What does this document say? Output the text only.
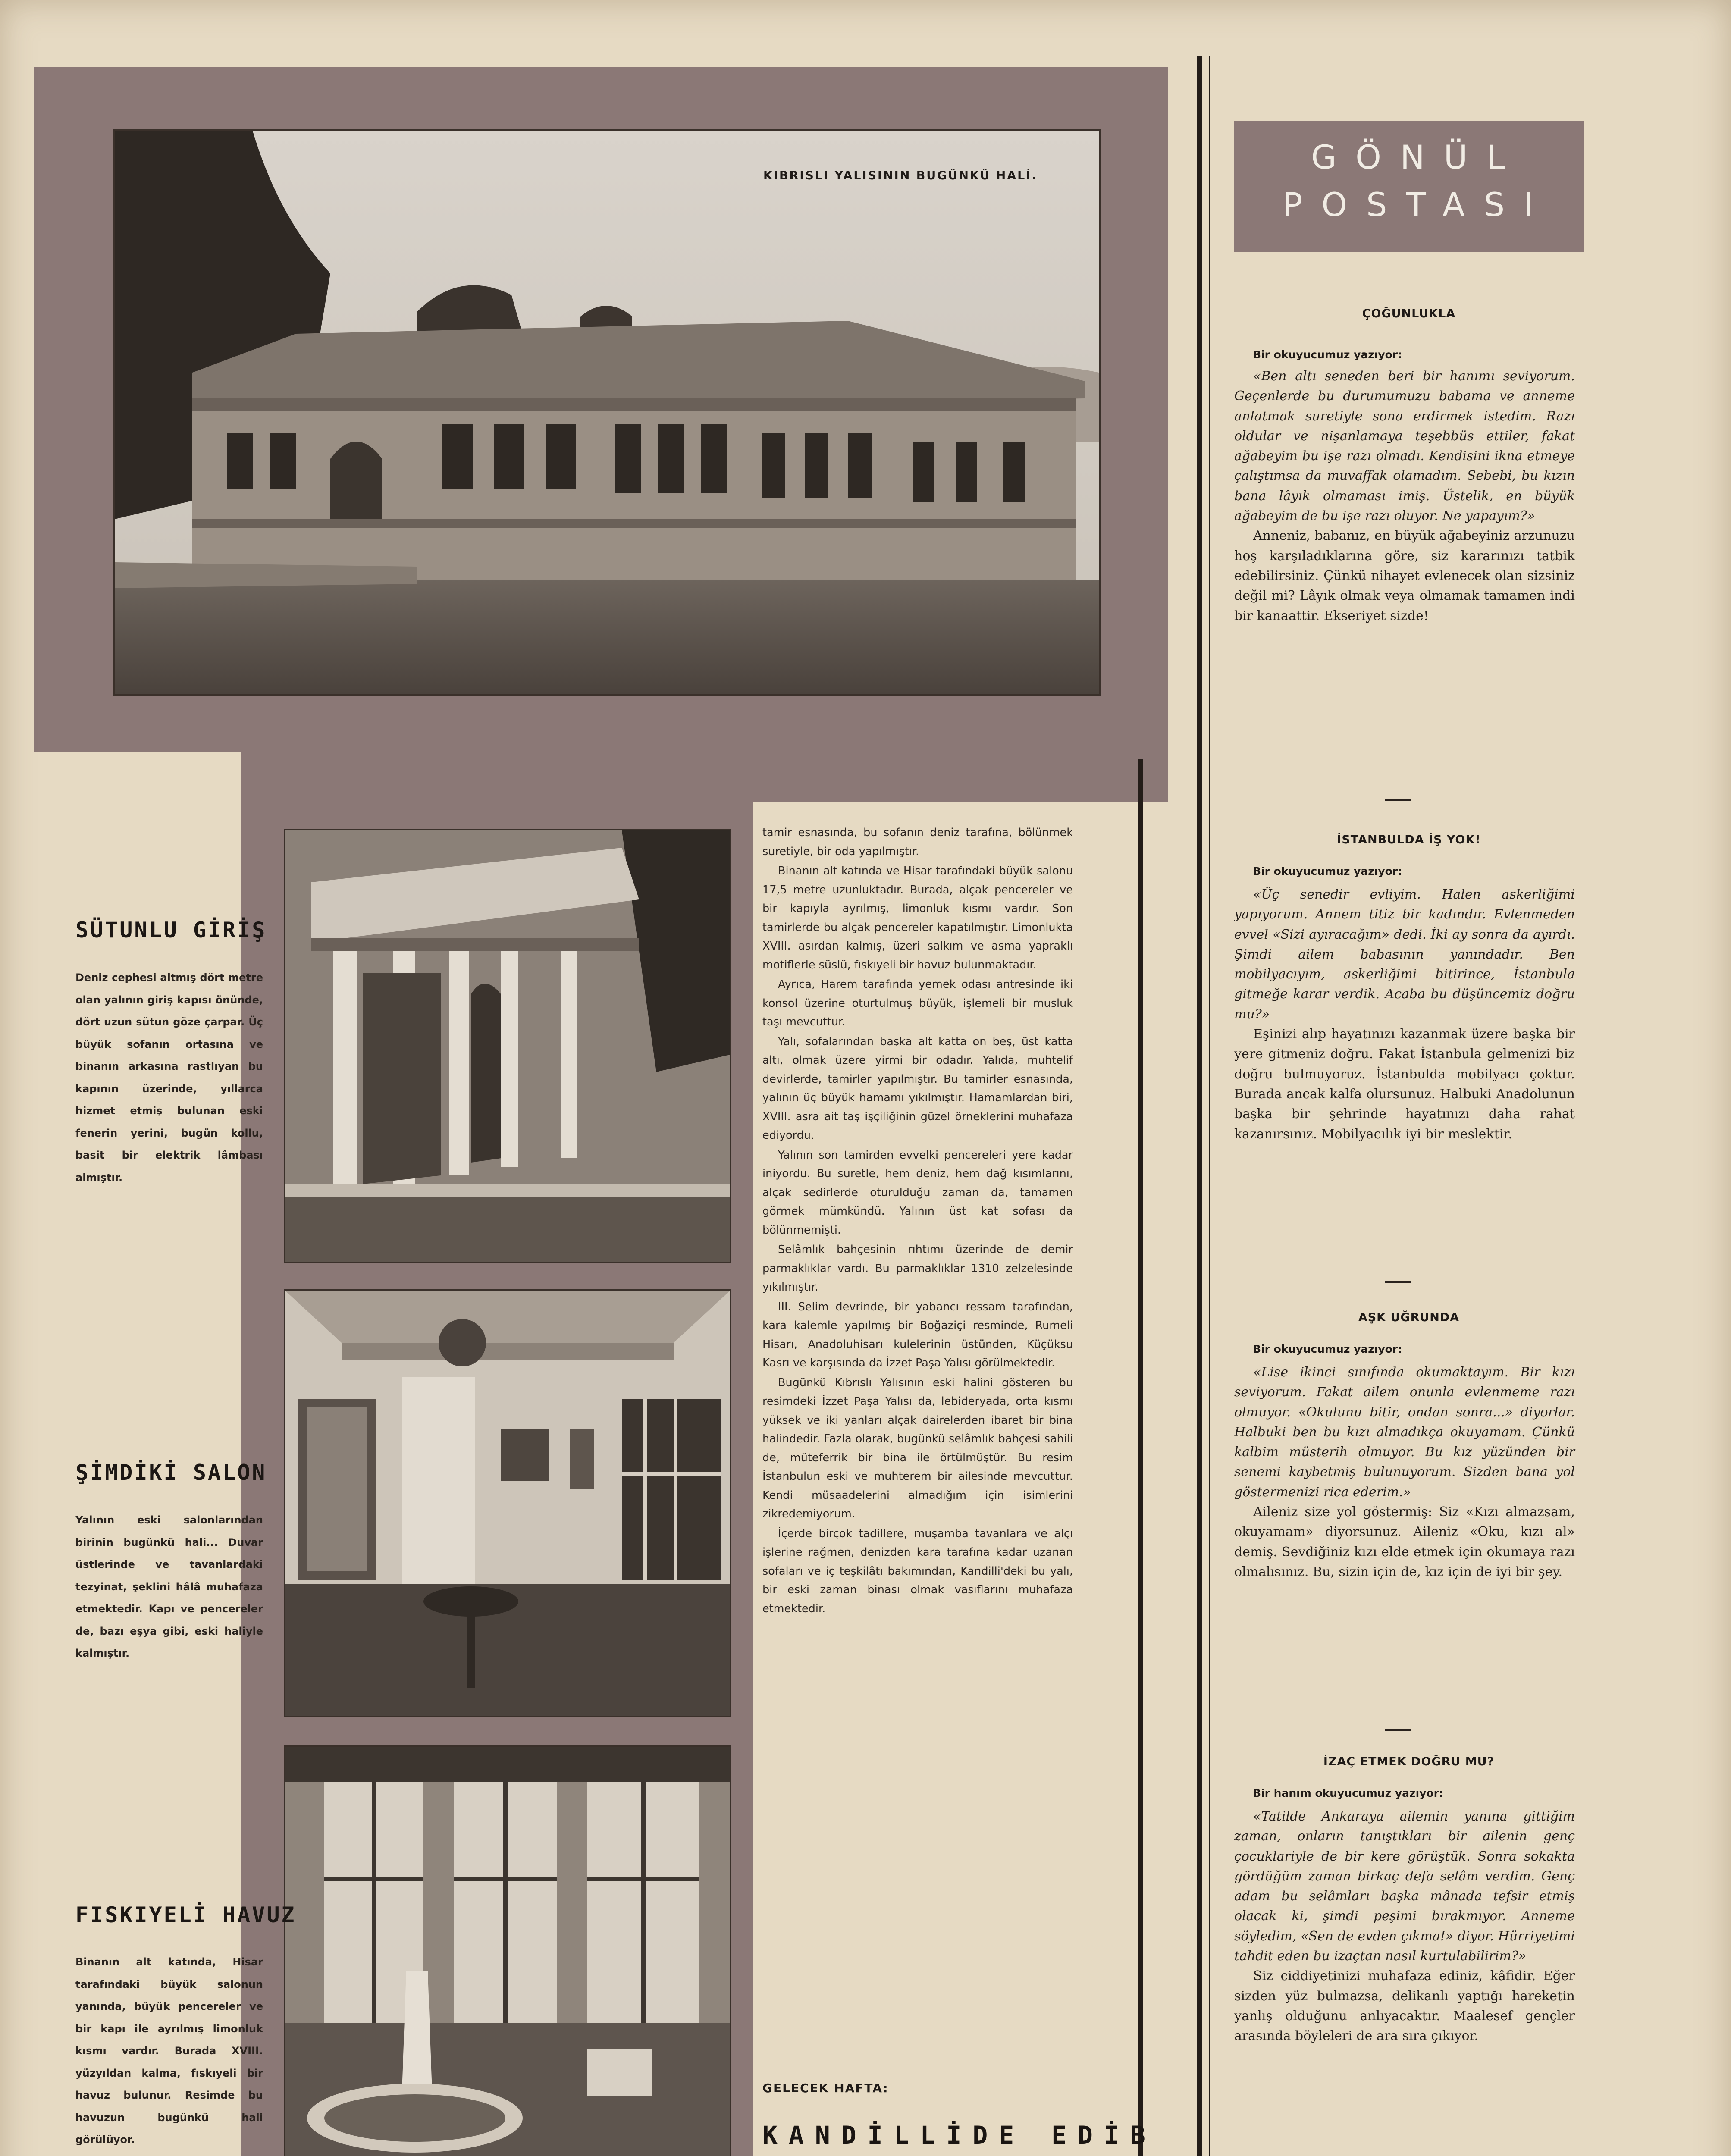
KIBRISLI YALISININ BUGÜNKÜ HALİ.
SÜTUNLU GİRİŞ
Deniz cephesi altmış dört metre olan yalının giriş kapısı önünde, dört uzun sütun göze çarpar. Üç büyük sofanın ortasına ve binanın arkasına rastlıyan bu kapının üzerinde, yıllarca hizmet etmiş bulunan eski fenerin yerini, bugün kollu, basit bir elektrik lâmbası almıştır.
ŞİMDİKİ SALON
Yalının eski salonlarından birinin bugünkü hali... Duvar üstlerinde ve tavanlardaki tezyinat, şeklini hâlâ muhafaza etmektedir. Kapı ve pencereler de, bazı eşya gibi, eski haliyle kalmıştır.
FISKIYELİ HAVUZ
Binanın alt katında, Hisar tarafındaki büyük salonun yanında, büyük pencereler ve bir kapı ile ayrılmış limonluk kısmı vardır. Burada XVIII. yüzyıldan kalma, fıskıyeli bir havuz bulunur. Resimde bu havuzun bugünkü hali görülüyor.

tamir esnasında, bu sofanın deniz tarafına, bölünmek suretiyle, bir oda yapılmıştır.

Binanın alt katında ve Hisar tarafındaki büyük salonu 17,5 metre uzunluktadır. Burada, alçak pencereler ve bir kapıyla ayrılmış, limonluk kısmı vardır. Son tamirlerde bu alçak pencereler kapatılmıştır. Limonlukta XVIII. asırdan kalmış, üzeri salkım ve asma yapraklı motiflerle süslü, fıskıyeli bir havuz bulunmaktadır.

Ayrıca, Harem tarafında yemek odası antresinde iki konsol üzerine oturtulmuş büyük, işlemeli bir musluk taşı mevcuttur.

Yalı, sofalarından başka alt katta on beş, üst katta altı, olmak üzere yirmi bir odadır. Yalıda, muhtelif devirlerde, tamirler yapılmıştır. Bu tamirler esnasında, yalının üç büyük hamamı yıkılmıştır. Hamamlardan biri, XVIII. asra ait taş işçiliğinin güzel örneklerini muhafaza ediyordu.

Yalının son tamirden evvelki pencereleri yere kadar iniyordu. Bu suretle, hem deniz, hem dağ kısımlarını, alçak sedirlerde oturulduğu zaman da, tamamen görmek mümkündü. Yalının üst kat sofası da bölünmemişti.

Selâmlık bahçesinin rıhtımı üzerinde de demir parmaklıklar vardı. Bu parmaklıklar 1310 zelzelesinde yıkılmıştır.

III. Selim devrinde, bir yabancı ressam tarafından, kara kalemle yapılmış bir Boğaziçi resminde, Rumeli Hisarı, Anadoluhisarı kulelerinin üstünden, Küçüksu Kasrı ve karşısında da İzzet Paşa Yalısı görülmektedir.

Bugünkü Kıbrıslı Yalısının eski halini gösteren bu resimdeki İzzet Paşa Yalısı da, lebideryada, orta kısmı yüksek ve iki yanları alçak dairelerden ibaret bir bina halindedir. Fazla olarak, bugünkü selâmlık bahçesi sahili de, müteferrik bir bina ile örtülmüştür. Bu resim İstanbulun eski ve muhterem bir ailesinde mevcuttur. Kendi müsaadelerini almadığım için isimlerini zikredemiyorum.

İçerde birçok tadillere, muşamba tavanlara ve alçı işlerine rağmen, denizden kara tarafına kadar uzanan sofaları ve iç teşkilâtı bakımından, Kandilli'deki bu yalı, bir eski zaman binası olmak vasıflarını muhafaza etmektedir.

GELECEK HAFTA:
KANDİLLİDE EDİB
GÖNÜL
POSTASI
ÇOĞUNLUKLA
Bir okuyucumuz yazıyor:

«Ben altı seneden beri bir hanımı seviyorum. Geçenlerde bu durumumuzu babama ve anneme anlatmak suretiyle sona erdirmek istedim. Razı oldular ve nişanlamaya teşebbüs ettiler, fakat ağabeyim bu işe razı olmadı. Kendisini ikna etmeye çalıştımsa da muvaffak olamadım. Sebebi, bu kızın bana lâyık olmaması imiş. Üstelik, en büyük ağabeyim de bu işe razı oluyor. Ne yapayım?»

Anneniz, babanız, en büyük ağabeyiniz arzunuzu hoş karşıladıklarına göre, siz kararınızı tatbik edebilirsiniz. Çünkü nihayet evlenecek olan sizsiniz değil mi? Lâyık olmak veya olmamak tamamen indi bir kanaattir. Ekseriyet sizde!

İSTANBULDA İŞ YOK!
Bir okuyucumuz yazıyor:

«Üç senedir evliyim. Halen askerliğimi yapıyorum. Annem titiz bir kadındır. Evlenmeden evvel «Sizi ayıracağım» dedi. İki ay sonra da ayırdı. Şimdi ailem babasının yanındadır. Ben mobilyacıyım, askerliğimi bitirince, İstanbula gitmeğe karar verdik. Acaba bu düşüncemiz doğru mu?»

Eşinizi alıp hayatınızı kazanmak üzere başka bir yere gitmeniz doğru. Fakat İstanbula gelmenizi biz doğru bulmuyoruz. İstanbulda mobilyacı çoktur. Burada ancak kalfa olursunuz. Halbuki Anadolunun başka bir şehrinde hayatınızı daha rahat kazanırsınız. Mobilyacılık iyi bir meslektir.

AŞK UĞRUNDA
Bir okuyucumuz yazıyor:

«Lise ikinci sınıfında okumaktayım. Bir kızı seviyorum. Fakat ailem onunla evlenmeme razı olmuyor. «Okulunu bitir, ondan sonra...» diyorlar. Halbuki ben bu kızı almadıkça okuyamam. Çünkü kalbim müsterih olmuyor. Bu kız yüzünden bir senemi kaybetmiş bulunuyorum. Sizden bana yol göstermenizi rica ederim.»

Aileniz size yol göstermiş: Siz «Kızı almazsam, okuyamam» diyorsunuz. Aileniz «Oku, kızı al» demiş. Sevdiğiniz kızı elde etmek için okumaya razı olmalısınız. Bu, sizin için de, kız için de iyi bir şey.

İZAÇ ETMEK DOĞRU MU?
Bir hanım okuyucumuz yazıyor:

«Tatilde Ankaraya ailemin yanına gittiğim zaman, onların tanıştıkları bir ailenin genç çocuklariyle de bir kere görüştük. Sonra sokakta gördüğüm zaman birkaç defa selâm verdim. Genç adam bu selâmları başka mânada tefsir etmiş olacak ki, şimdi peşimi bırakmıyor. Anneme söyledim, «Sen de evden çıkma!» diyor. Hürriyetimi tahdit eden bu izaçtan nasıl kurtulabilirim?»

Siz ciddiyetinizi muhafaza ediniz, kâfidir. Eğer sizden yüz bulmazsa, delikanlı yaptığı hareketin yanlış olduğunu anlıyacaktır. Maalesef gençler arasında böyleleri de ara sıra çıkıyor.
